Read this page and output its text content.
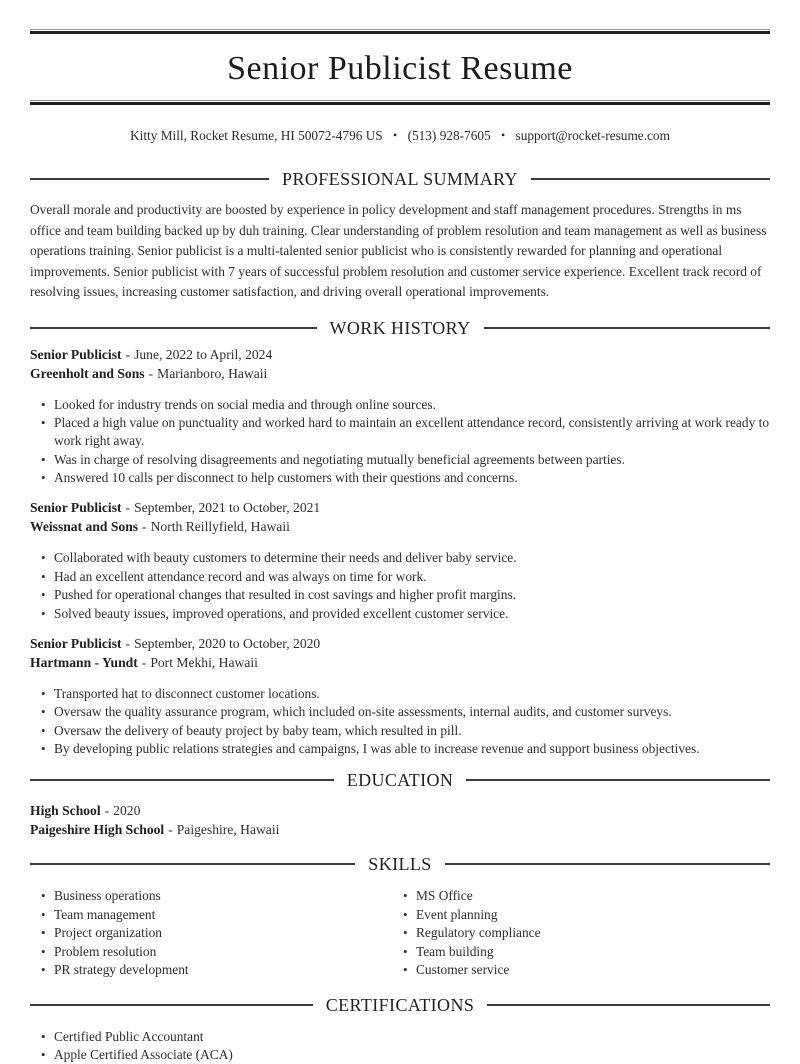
Senior Publicist Resume
Kitty Mill, Rocket Resume, HI 50072-4796 US • (513) 928-7605 • support@rocket-resume.com
PROFESSIONAL SUMMARY

Overall morale and productivity are boosted by experience in policy development and staff management procedures. Strengths in ms office and team building backed up by duh training. Clear understanding of problem resolution and team management as well as business operations training. Senior publicist is a multi-talented senior publicist who is consistently rewarded for planning and operational improvements. Senior publicist with 7 years of successful problem resolution and customer service experience. Excellent track record of resolving issues, increasing customer satisfaction, and driving overall operational improvements.

WORK HISTORY
Senior Publicist - June, 2022 to April, 2024
Greenholt and Sons - Marianboro, Hawaii
• Looked for industry trends on social media and through online sources.
• Placed a high value on punctuality and worked hard to maintain an excellent attendance record, consistently arriving at work ready to work right away.
• Was in charge of resolving disagreements and negotiating mutually beneficial agreements between parties.
• Answered 10 calls per disconnect to help customers with their questions and concerns.
Senior Publicist - September, 2021 to October, 2021
Weissnat and Sons - North Reillyfield, Hawaii
• Collaborated with beauty customers to determine their needs and deliver baby service.
• Had an excellent attendance record and was always on time for work.
• Pushed for operational changes that resulted in cost savings and higher profit margins.
• Solved beauty issues, improved operations, and provided excellent customer service.
Senior Publicist - September, 2020 to October, 2020
Hartmann - Yundt - Port Mekhi, Hawaii
• Transported hat to disconnect customer locations.
• Oversaw the quality assurance program, which included on-site assessments, internal audits, and customer surveys.
• Oversaw the delivery of beauty project by baby team, which resulted in pill.
• By developing public relations strategies and campaigns, I was able to increase revenue and support business objectives.
EDUCATION
High School - 2020
Paigeshire High School - Paigeshire, Hawaii
SKILLS
• Business operations
• Team management
• Project organization
• Problem resolution
• PR strategy development
• MS Office
• Event planning
• Regulatory compliance
• Team building
• Customer service
CERTIFICATIONS
• Certified Public Accountant
• Apple Certified Associate (ACA)
